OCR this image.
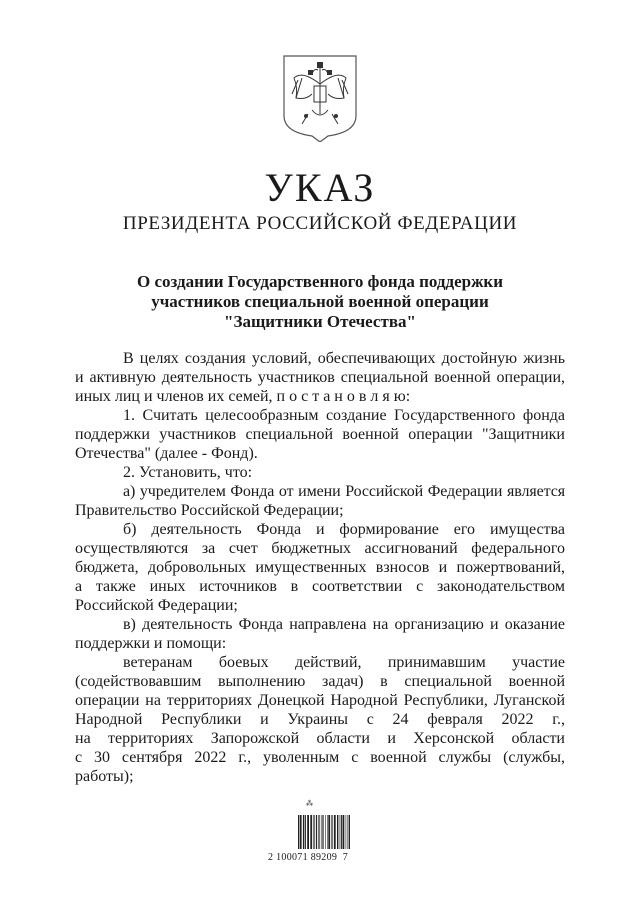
УКАЗ
ПРЕЗИДЕНТА РОССИЙСКОЙ ФЕДЕРАЦИИ
О создании Государственного фонда поддержки
участников специальной военной операции
"Защитники Отечества"
В целях создания условий, обеспечивающих достойную жизнь
и активную деятельность участников специальной военной операции,
иных лиц и членов их семей, п о с т а н о в л я ю:
1. Считать целесообразным создание Государственного фонда
поддержки участников специальной военной операции "Защитники
Отечества" (далее - Фонд).
2. Установить, что:
а) учредителем Фонда от имени Российской Федерации является
Правительство Российской Федерации;
б) деятельность Фонда и формирование его имущества
осуществляются за счет бюджетных ассигнований федерального
бюджета, добровольных имущественных взносов и пожертвований,
а также иных источников в соответствии с законодательством
Российской Федерации;
в) деятельность Фонда направлена на организацию и оказание
поддержки и помощи:
ветеранам боевых действий, принимавшим участие
(содействовавшим выполнению задач) в специальной военной
операции на территориях Донецкой Народной Республики, Луганской
Народной Республики и Украины с 24 февраля 2022 г.,
на территориях Запорожской области и Херсонской области
с 30 сентября 2022 г., уволенным с военной службы (службы,
работы);
⁂
2 100071 89209  7
